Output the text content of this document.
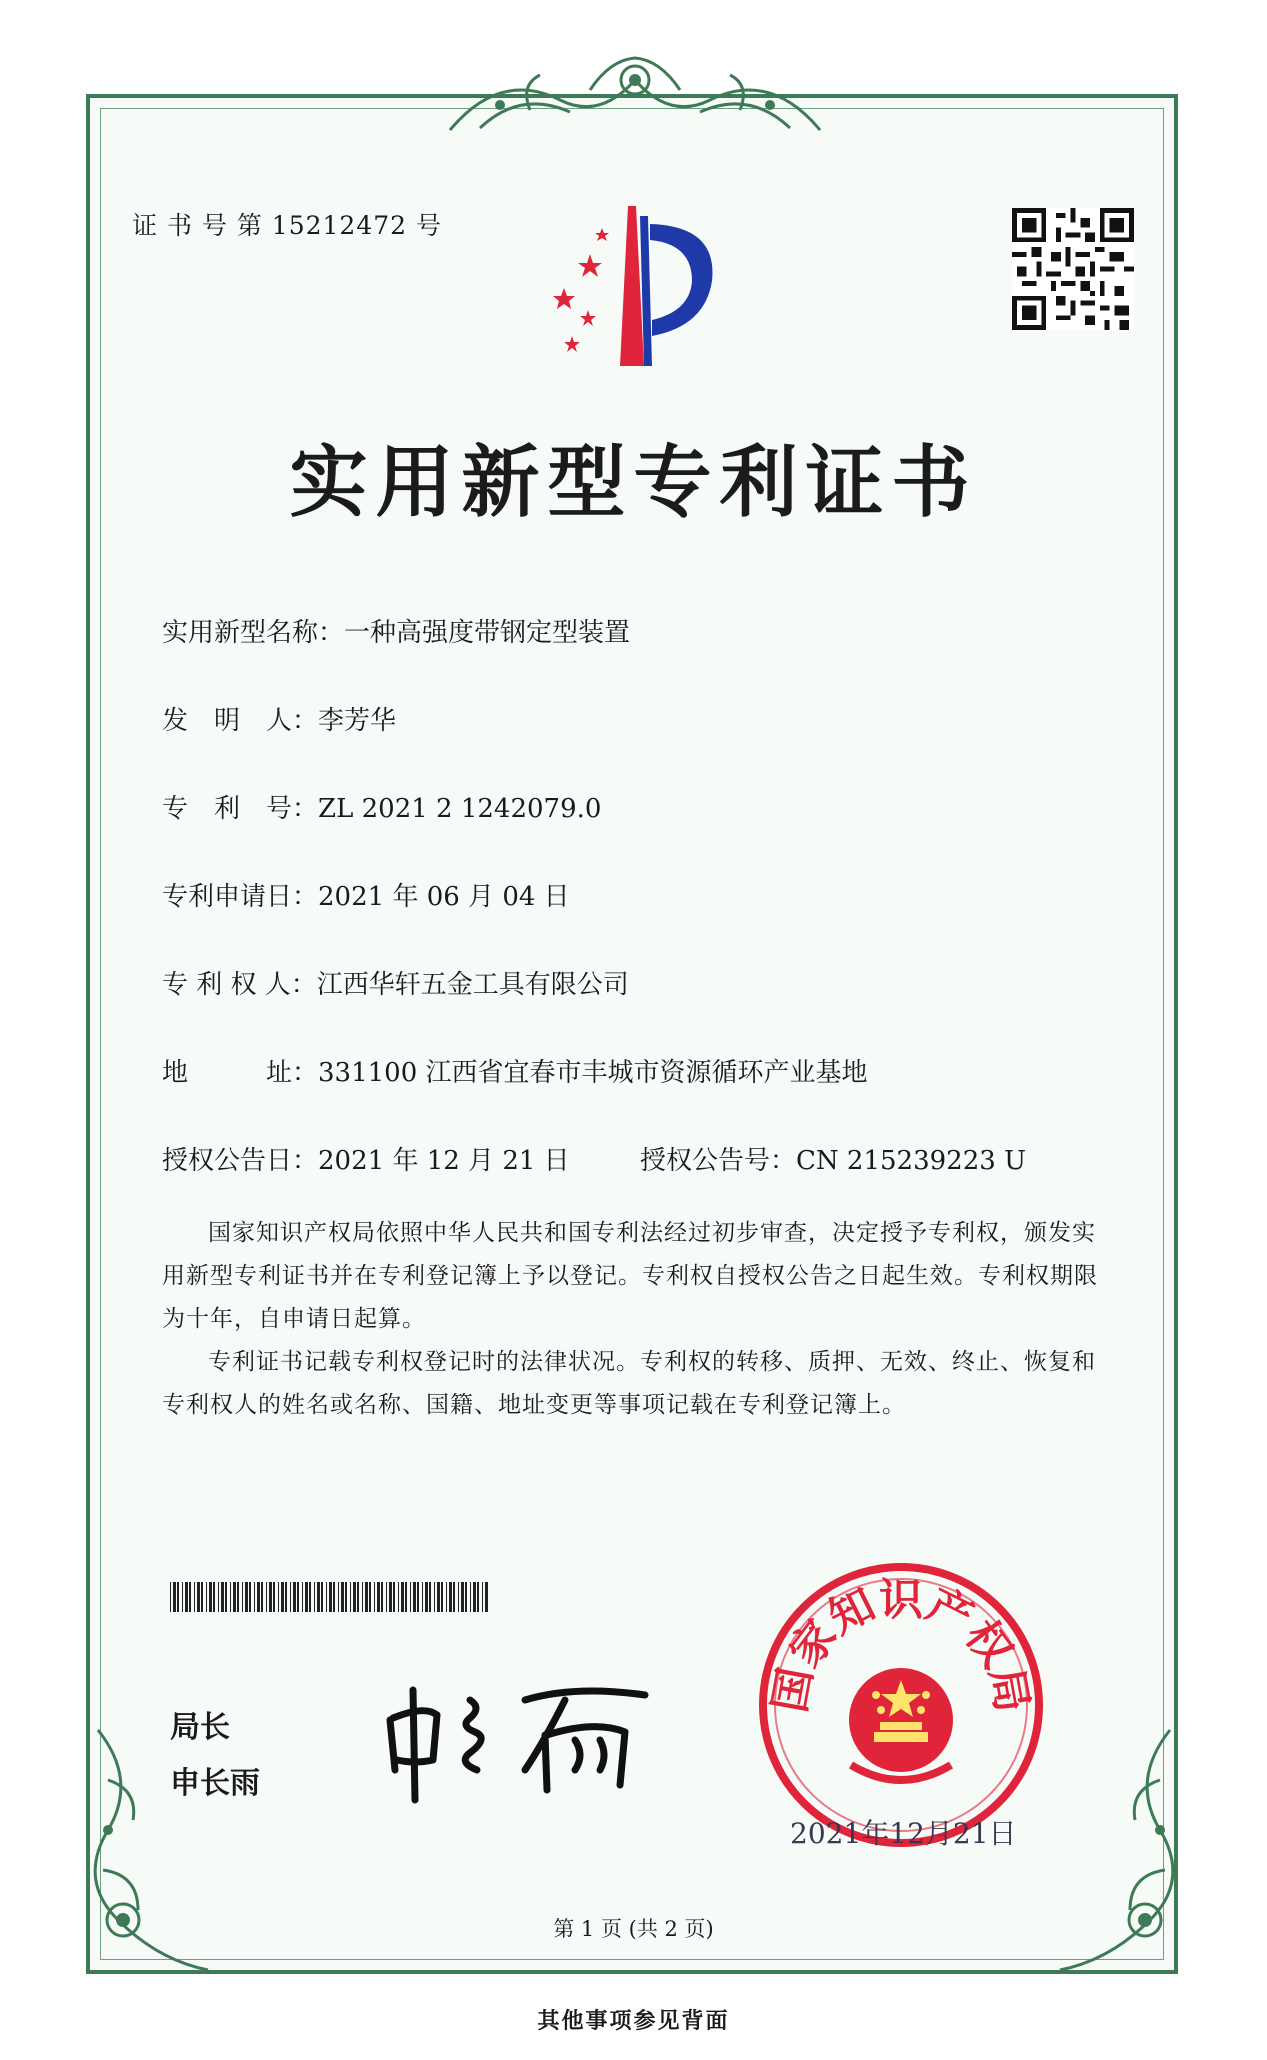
证 书 号 第 15212472 号
实用新型专利证书
实用新型名称：一种高强度带钢定型装置
发　明　人：李芳华
专　利　号：ZL 2021 2 1242079.0
专利申请日：2021 年 06 月 04 日
专 利 权 人：江西华轩五金工具有限公司
地　　　址：331100 江西省宜春市丰城市资源循环产业基地
授权公告日：2021 年 12 月 21 日	授权公告号：CN 215239223 U

国家知识产权局依照中华人民共和国专利法经过初步审查，决定授予专利权，颁发实用新型专利证书并在专利登记簿上予以登记。专利权自授权公告之日起生效。专利权期限为十年，自申请日起算。

专利证书记载专利权登记时的法律状况。专利权的转移、质押、无效、终止、恢复和专利权人的姓名或名称、国籍、地址变更等事项记载在专利登记簿上。

局长
申长雨
国家知识产权局
2021年12月21日
第 1 页 (共 2 页)
其他事项参见背面
